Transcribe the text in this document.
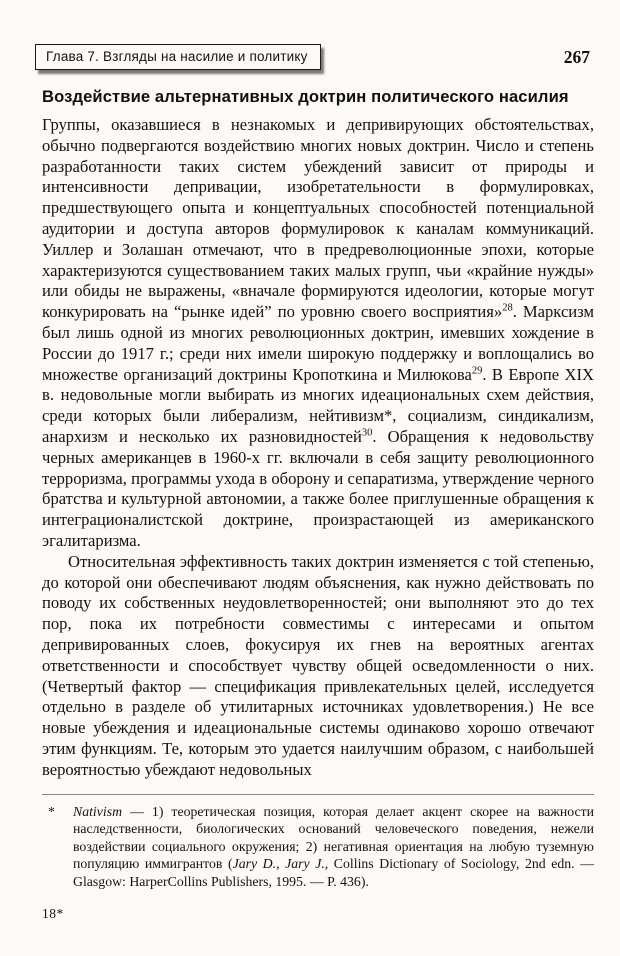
Глава 7. Взгляды на насилие и политику	267
Воздействие альтернативных доктрин политического насилия

Группы, оказавшиеся в незнакомых и депривирующих обстоятельствах, обычно подвергаются воздействию многих новых доктрин. Число и степень разработанности таких систем убеждений зависит от природы и интенсивности депривации, изобретательности в формулировках, предшествующего опыта и концептуальных способностей потенциальной аудитории и доступа авторов формулировок к каналам коммуникаций. Уиллер и Золашан отмечают, что в предреволюционные эпохи, которые характеризуются существованием таких малых групп, чьи «крайние нужды» или обиды не выражены, «вначале формируются идеологии, которые могут конкурировать на “рынке идей” по уровню своего восприятия»$^{28}$. Марксизм был лишь одной из многих революционных доктрин, имевших хождение в России до 1917 г.; среди них имели широкую поддержку и воплощались во множестве организаций доктрины Кропоткина и Милюкова$^{29}$. В Европе XIX в. недовольные могли выбирать из многих идеациональных схем действия, среди которых были либерализм, нейтивизм*, социализм, синдикализм, анархизм и несколько их разновидностей$^{30}$. Обращения к недовольству черных американцев в 1960-х гг. включали в себя защиту революционного терроризма, программы ухода в оборону и сепаратизма, утверждение черного братства и культурной автономии, а также более приглушенные обращения к интеграционалистской доктрине, произрастающей из американского эгалитаризма.

Относительная эффективность таких доктрин изменяется с той степенью, до которой они обеспечивают людям объяснения, как нужно действовать по поводу их собственных неудовлетворенностей; они выполняют это до тех пор, пока их потребности совместимы с интересами и опытом депривированных слоев, фокусируя их гнев на вероятных агентах ответственности и способствует чувству общей осведомленности о них. (Четвертый фактор — спецификация привлекательных целей, исследуется отдельно в разделе об утилитарных источниках удовлетворения.) Не все новые убеждения и идеациональные системы одинаково хорошо отвечают этим функциям. Те, которым это удается наилучшим образом, с наибольшей вероятностью убеждают недовольных

*	Nativism — 1) теоретическая позиция, которая делает акцент скорее на важности наследственности, биологических оснований человеческого поведения, нежели воздействии социального окружения; 2) негативная ориентация на любую туземную популяцию иммигрантов (Jary D., Jary J., Collins Dictionary of Sociology, 2nd edn. — Glasgow: HarperCollins Publishers, 1995. — P. 436).
18*
